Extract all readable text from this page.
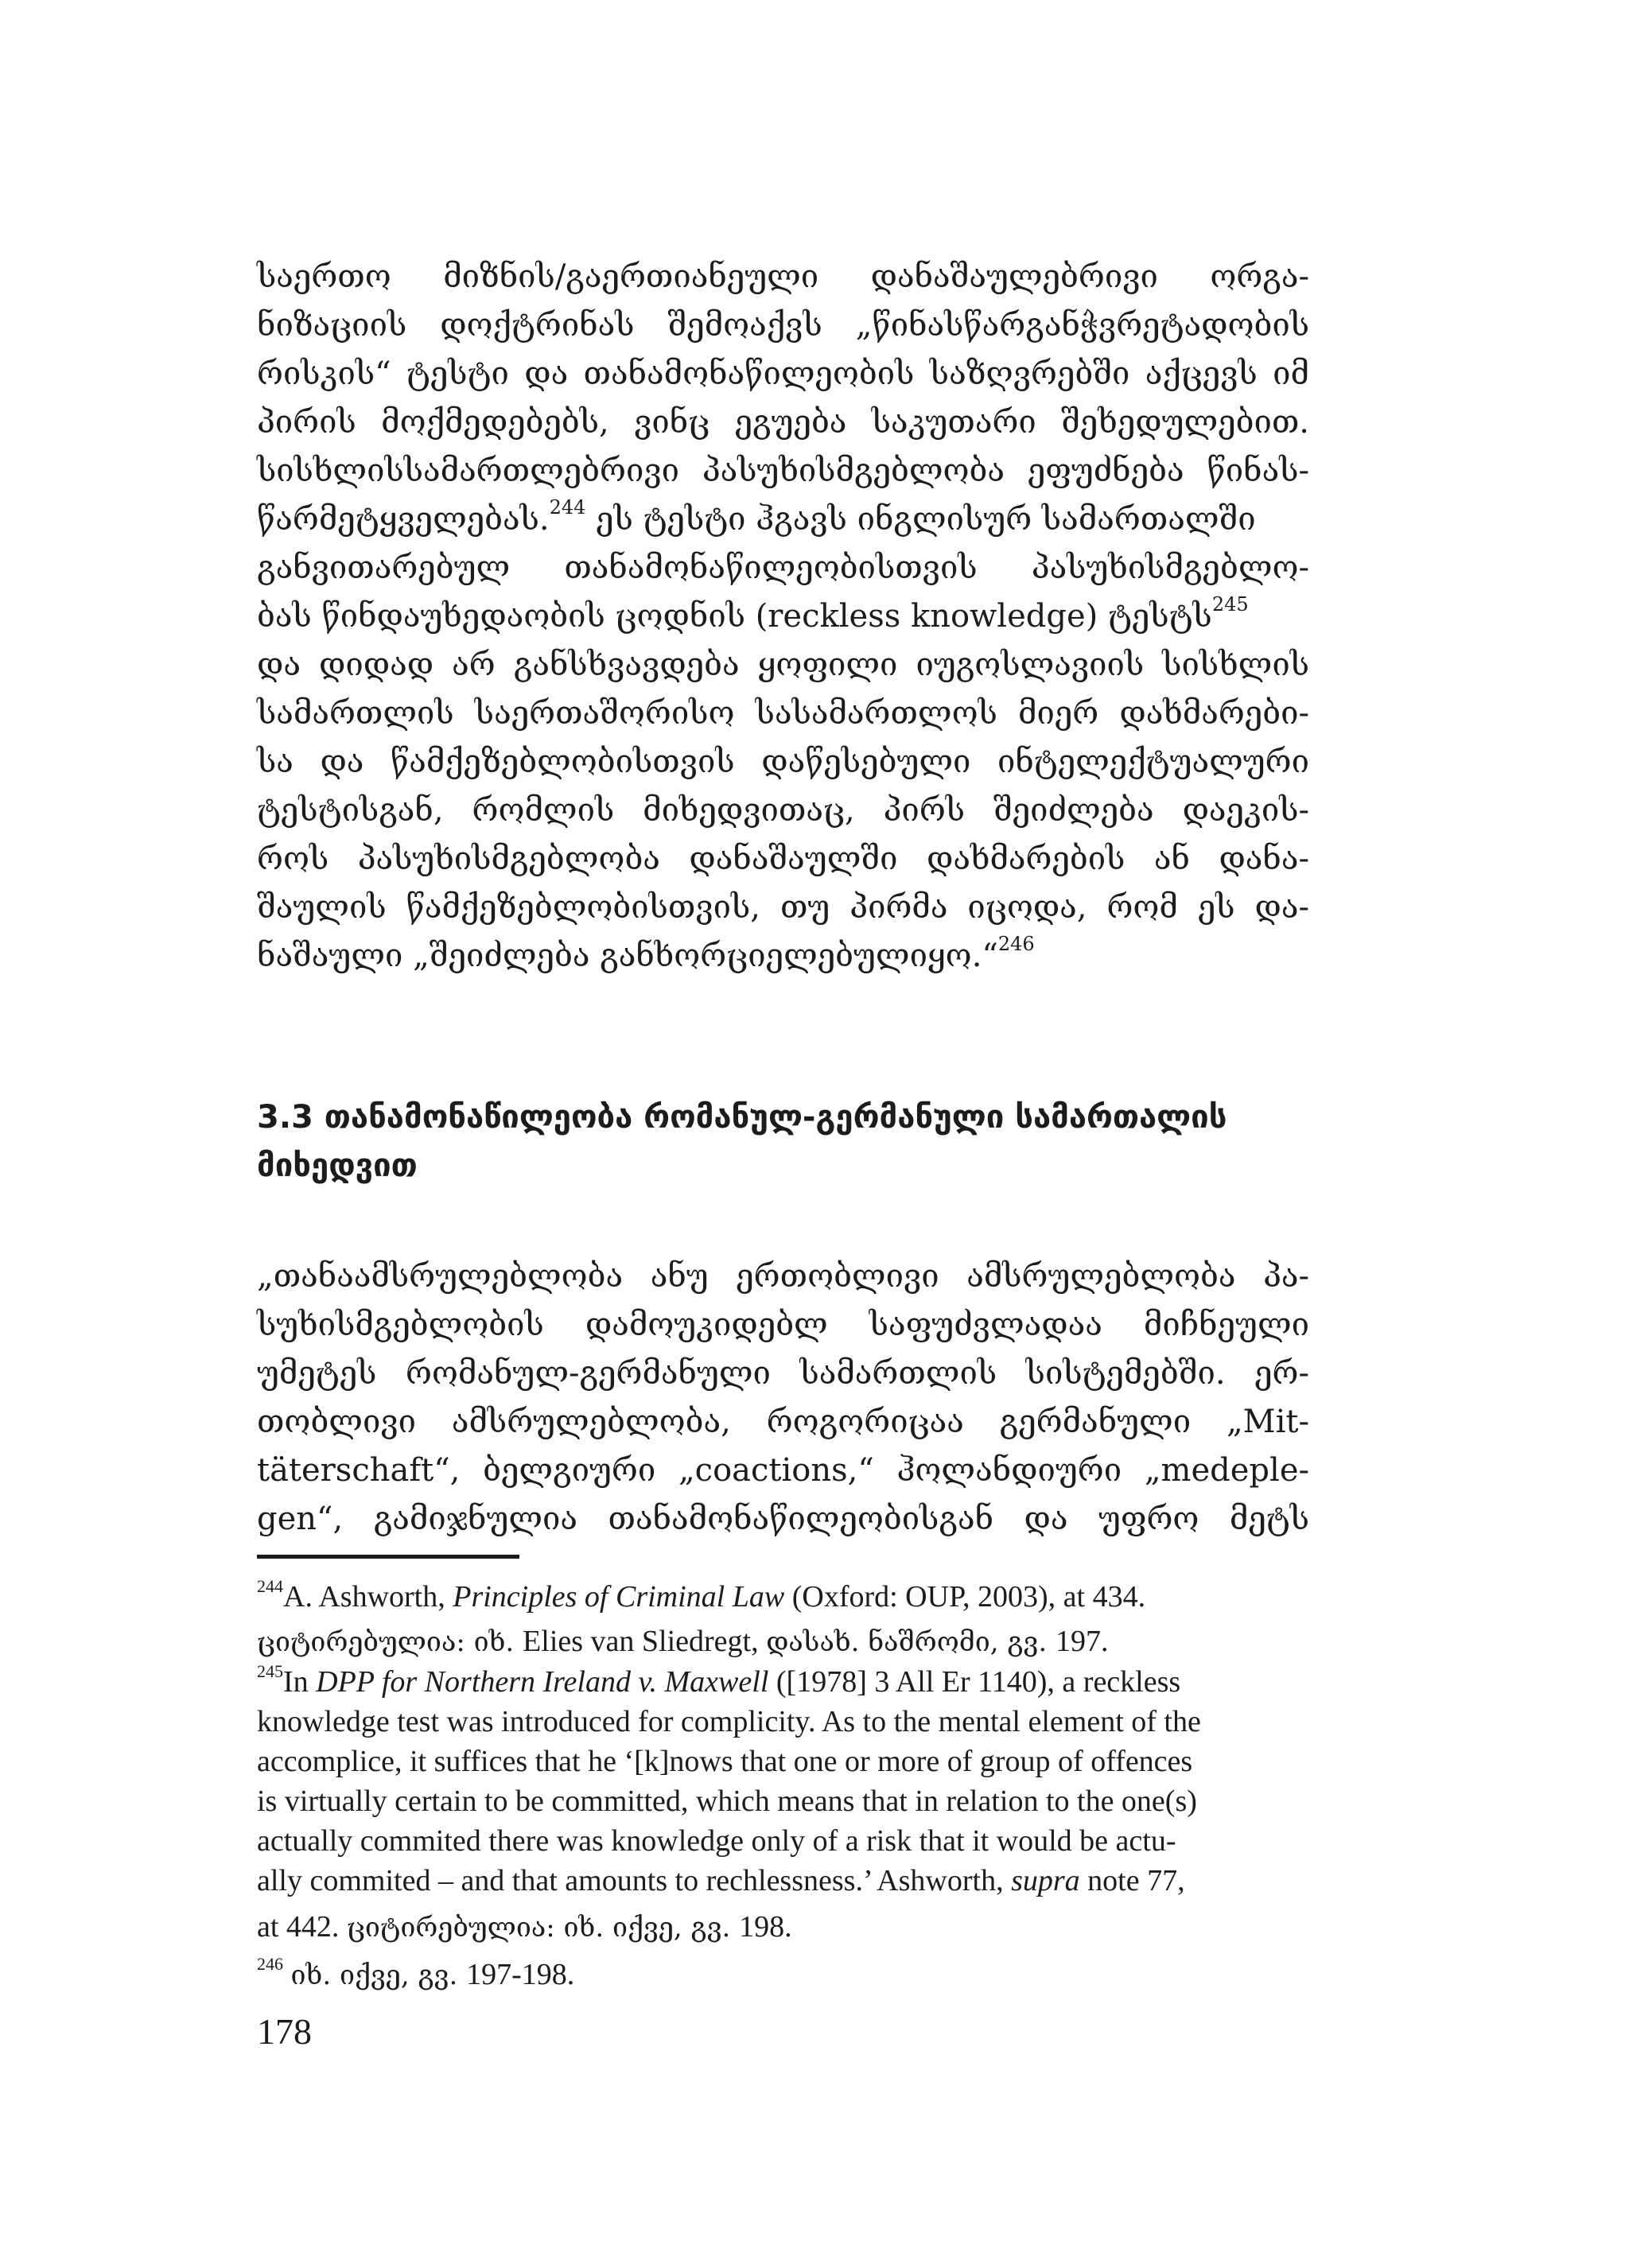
საერთო მიზნის/გაერთიანეული დანაშაულებრივი ორგა-
ნიზაციის დოქტრინას შემოაქვს „წინასწარგანჭვრეტადობის
რისკის“ ტესტი და თანამონაწილეობის საზღვრებში აქცევს იმ
პირის მოქმედებებს, ვინც ეგუება საკუთარი შეხედულებით.
სისხლისსამართლებრივი პასუხისმგებლობა ეფუძნება წინას-
წარმეტყველებას.$^{244}$ ეს ტესტი ჰგავს ინგლისურ სამართალში
განვითარებულ თანამონაწილეობისთვის პასუხისმგებლო-
ბას წინდაუხედაობის ცოდნის (reckless knowledge) ტესტს$^{245}$
და დიდად არ განსხვავდება ყოფილი იუგოსლავიის სისხლის
სამართლის საერთაშორისო სასამართლოს მიერ დახმარები-
სა და წამქეზებლობისთვის დაწესებული ინტელექტუალური
ტესტისგან, რომლის მიხედვითაც, პირს შეიძლება დაეკის-
როს პასუხისმგებლობა დანაშაულში დახმარების ან დანა-
შაულის წამქეზებლობისთვის, თუ პირმა იცოდა, რომ ეს და-
ნაშაული „შეიძლება განხორციელებულიყო.“$^{246}$
3.3 თანამონაწილეობა რომანულ-გერმანული სამართალის
მიხედვით
„თანაამსრულებლობა ანუ ერთობლივი ამსრულებლობა პა-
სუხისმგებლობის დამოუკიდებლ საფუძვლადაა მიჩნეული
უმეტეს რომანულ-გერმანული სამართლის სისტემებში. ერ-
თობლივი ამსრულებლობა, როგორიცაა გერმანული „Mit-
täterschaft“, ბელგიური „coactions,“ ჰოლანდიური „medeple-
gen“, გამიჯნულია თანამონაწილეობისგან და უფრო მეტს
$^{244}$A. Ashworth, Principles of Criminal Law (Oxford: OUP, 2003), at 434.
ციტირებულია: იხ. Elies van Sliedregt, დასახ. ნაშრომი, გვ. 197.
$^{245}$In DPP for Northern Ireland v. Maxwell ([1978] 3 All Er 1140), a reckless
knowledge test was introduced for complicity. As to the mental element of the
accomplice, it suffices that he ‘[k]nows that one or more of group of offences
is virtually certain to be committed, which means that in relation to the one(s)
actually commited there was knowledge only of a risk that it would be actu-
ally commited – and that amounts to rechlessness.’ Ashworth, supra note 77,
at 442. ციტირებულია: იხ. იქვე, გვ. 198.
$^{246}$ იხ. იქვე, გვ. 197-198.
178
